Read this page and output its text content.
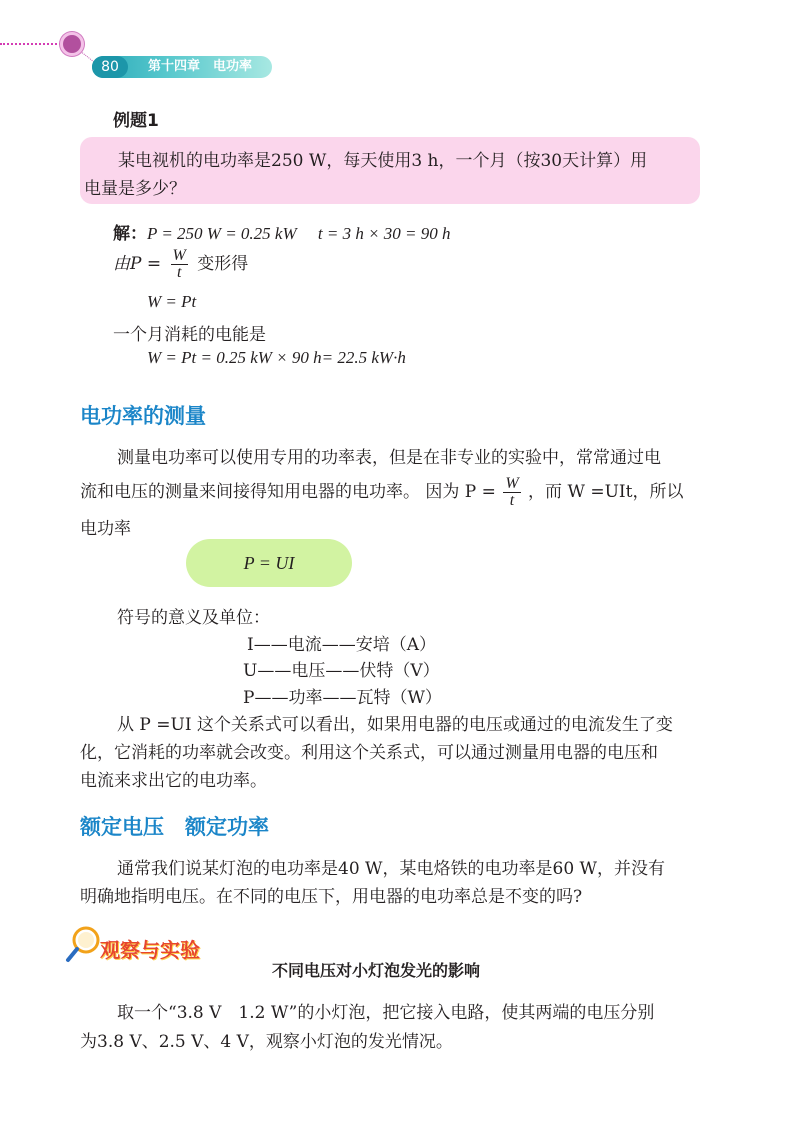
80	第十四章　电功率
例题1
某电视机的电功率是250 W，每天使用3 h，一个月（按30天计算）用
电量是多少？
解：P = 250 W = 0.25 kW　 t = 3 h × 30 = 90 h
由$P = \frac{W}{t}$ 变形得
W = Pt
一个月消耗的电能是
W = Pt = 0.25 kW × 90 h= 22.5 kW·h
电功率的测量
测量电功率可以使用专用的功率表，但是在非专业的实验中，常常通过电
流和电压的测量来间接得知用电器的电功率。 因为 $P = \frac{W}{t}$ ，而 W =UIt，所以
电功率
P = UI
符号的意义及单位：
I——电流——安培（A）
U——电压——伏特（V）
P——功率——瓦特（W）
从 P =UI 这个关系式可以看出，如果用电器的电压或通过的电流发生了变
化，它消耗的功率就会改变。利用这个关系式，可以通过测量用电器的电压和
电流来求出它的电功率。
额定电压　额定功率
通常我们说某灯泡的电功率是40 W，某电烙铁的电功率是60 W，并没有
明确地指明电压。在不同的电压下，用电器的电功率总是不变的吗?
观察与实验
不同电压对小灯泡发光的影响
取一个“3.8 V　1.2 W”的小灯泡，把它接入电路，使其两端的电压分别
为3.8 V、2.5 V、4 V，观察小灯泡的发光情况。
